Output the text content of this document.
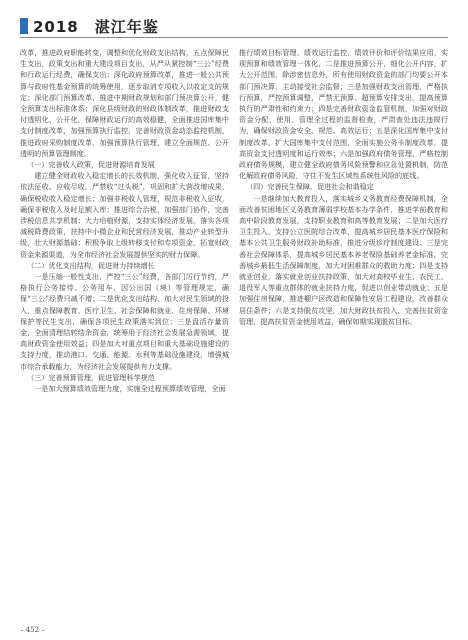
2018　湛江年鉴

改革，推进政府职能转变，调整和优化财政支出结构，五点保障民生支出，政策支出和重大建设项目支出，从严从紧控制“三公”经费和行政运行经费，确保支出；深化政府预算改革，推进一般公共预算与政府性基金预算的统筹使用，逐步取消专项收入以收定支的规定；深化部门预算改革，推进中期财政规划和部门预决算公开，健全预算支出标准体系；深化县级财政的财政体制改革，推进财政支付透明化、公开化，保障财政运行的高效稳健，全面推进国库集中支付制度改革，加强预算执行监控，完善财政资金动态监控机制，推进政府采购制度改革，加强预算执行管理，建立全面规范、公开透明的预算管理制度。

（一）完善收入政策，促进财源培育发展

建立健全财政收入稳定增长的长效机制，强化收入征管，坚持依法征收、应收尽收，严禁收“过头税”，巩固和扩大营改增成果，确保税收收入稳定增长；加强非税收入管理，规范非税收入征收，确保非税收入及时足额入库；推进综合治税，加强部门协作，完善涉税信息共享机制；大力培植财源，支持实体经济发展，落实各项减税降费政策，扶持中小微企业和民营经济发展，推动产业转型升级，壮大财源基础；积极争取上级转移支付和专项资金，拓宽财政资金来源渠道，为全市经济社会发展提供坚实的财力保障。

（二）优化支出结构，促进财力持续增长

一是压缩一般性支出，严控“三公”经费，各部门厉行节约，严格执行公务接待、公务用车、因公出国（境）等管理规定，确保“三公”经费只减不增；二是优化支出结构，加大对民生领域的投入，重点保障教育、医疗卫生、社会保障和就业、住房保障、环境保护等民生支出，确保各项民生政策落实到位；三是盘活存量资金，全面清理结转结余资金，统筹用于经济社会发展急需领域，提高财政资金使用效益；四是加大对重点项目和重大基础设施建设的支持力度，推动港口、交通、能源、水利等基础设施建设，增强城市综合承载能力，为经济社会发展提供有力支撑。

（三）完善预算管理，促进管理科学规范

一是加大预算绩效管理力度，实施全过程预算绩效管理，全面

推行绩效目标管理、绩效运行监控、绩效评价和评价结果应用，实现预算和绩效管理一体化，二是推进预算公开，细化公开内容，扩大公开范围，除涉密信息外，所有使用财政资金的部门均要公开本部门预决算，主动接受社会监督；三是加强财政支出管理，严格执行预算，严控预算调整，严禁无预算、超预算安排支出，提高预算执行的严肃性和约束力；四是完善财政资金监管机制，加强对财政资金分配、使用、管理全过程的监督检查，严肃查处违法违规行为，确保财政资金安全、规范、高效运行；五是深化国库集中支付制度改革，扩大国库集中支付范围，全面实施公务卡制度改革，提高资金支付透明度和运行效率；六是加强政府债务管理，严格控制政府债务规模，建立健全政府债务风险预警和应急处置机制，防范化解政府债务风险，守住不发生区域性系统性风险的底线。

（四）完善民生保障，促进社会和谐稳定

一是继续加大教育投入，落实城乡义务教育经费保障机制，全面改善贫困地区义务教育薄弱学校基本办学条件，推进学前教育和高中阶段教育发展，支持职业教育和高等教育发展；二是加大医疗卫生投入，支持公立医院综合改革，提高城乡居民基本医疗保险和基本公共卫生服务财政补助标准，推进分级诊疗制度建设；三是完善社会保障体系，提高城乡居民基本养老保险基础养老金标准，完善城乡最低生活保障制度，加大对困难群众的救助力度；四是支持就业创业，落实就业创业扶持政策，加大对高校毕业生、农民工、退役军人等重点群体的就业扶持力度，促进以创业带动就业；五是加强住房保障，推进棚户区改造和保障性安居工程建设，改善群众居住条件；六是支持脱贫攻坚，加大财政扶贫投入，完善扶贫资金管理，提高扶贫资金使用效益，确保如期实现脱贫目标。

– 452 –
